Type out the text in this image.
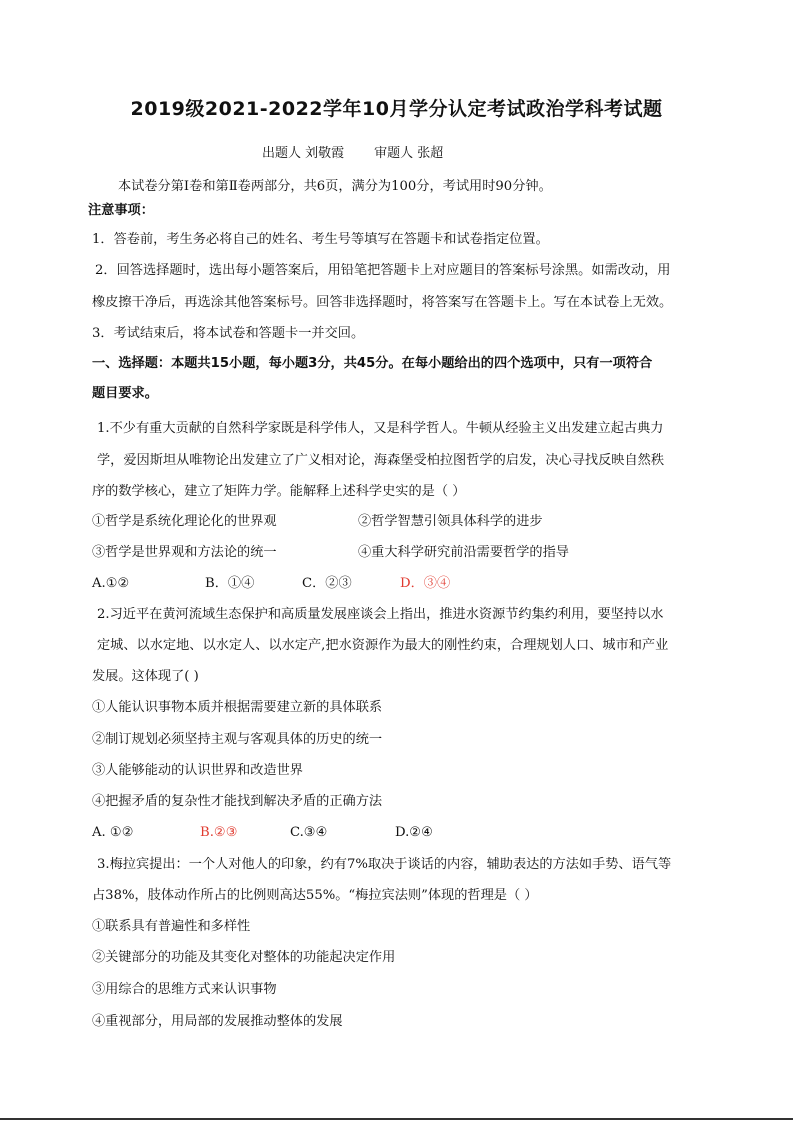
2019级2021-2022学年10月学分认定考试政治学科考试题
出题人 刘敬霞 审题人 张超
本试卷分第Ⅰ卷和第Ⅱ卷两部分，共6页，满分为100分，考试用时90分钟。
注意事项：
1．答卷前，考生务必将自己的姓名、考生号等填写在答题卡和试卷指定位置。
2．回答选择题时，选出每小题答案后，用铅笔把答题卡上对应题目的答案标号涂黑。如需改动，用
橡皮擦干净后，再选涂其他答案标号。回答非选择题时，将答案写在答题卡上。写在本试卷上无效。
3．考试结束后，将本试卷和答题卡一并交回。
一、选择题：本题共15小题，每小题3分，共45分。在每小题给出的四个选项中，只有一项符合
题目要求。
1.不少有重大贡献的自然科学家既是科学伟人，又是科学哲人。牛顿从经验主义出发建立起古典力
学，爱因斯坦从唯物论出发建立了广义相对论，海森堡受柏拉图哲学的启发，决心寻找反映自然秩
序的数学核心，建立了矩阵力学。能解释上述科学史实的是（ ）
①哲学是系统化理论化的世界观	②哲学智慧引领具体科学的进步
③哲学是世界观和方法论的统一	④重大科学研究前沿需要哲学的指导
A.①②	B．①④	C．②③	D．③④
2.习近平在黄河流域生态保护和高质量发展座谈会上指出，推进水资源节约集约利用，要坚持以水
定城、以水定地、以水定人、以水定产,把水资源作为最大的刚性约束，合理规划人口、城市和产业
发展。这体现了( )
①人能认识事物本质并根据需要建立新的具体联系
②制订规划必须坚持主观与客观具体的历史的统一
③人能够能动的认识世界和改造世界
④把握矛盾的复杂性才能找到解决矛盾的正确方法
A. ①②	B.②③	C.③④	D.②④
3.梅拉宾提出：一个人对他人的印象，约有7%取决于谈话的内容，辅助表达的方法如手势、语气等
占38%，肢体动作所占的比例则高达55%。“梅拉宾法则”体现的哲理是（ ）
①联系具有普遍性和多样性
②关键部分的功能及其变化对整体的功能起决定作用
③用综合的思维方式来认识事物
④重视部分，用局部的发展推动整体的发展
